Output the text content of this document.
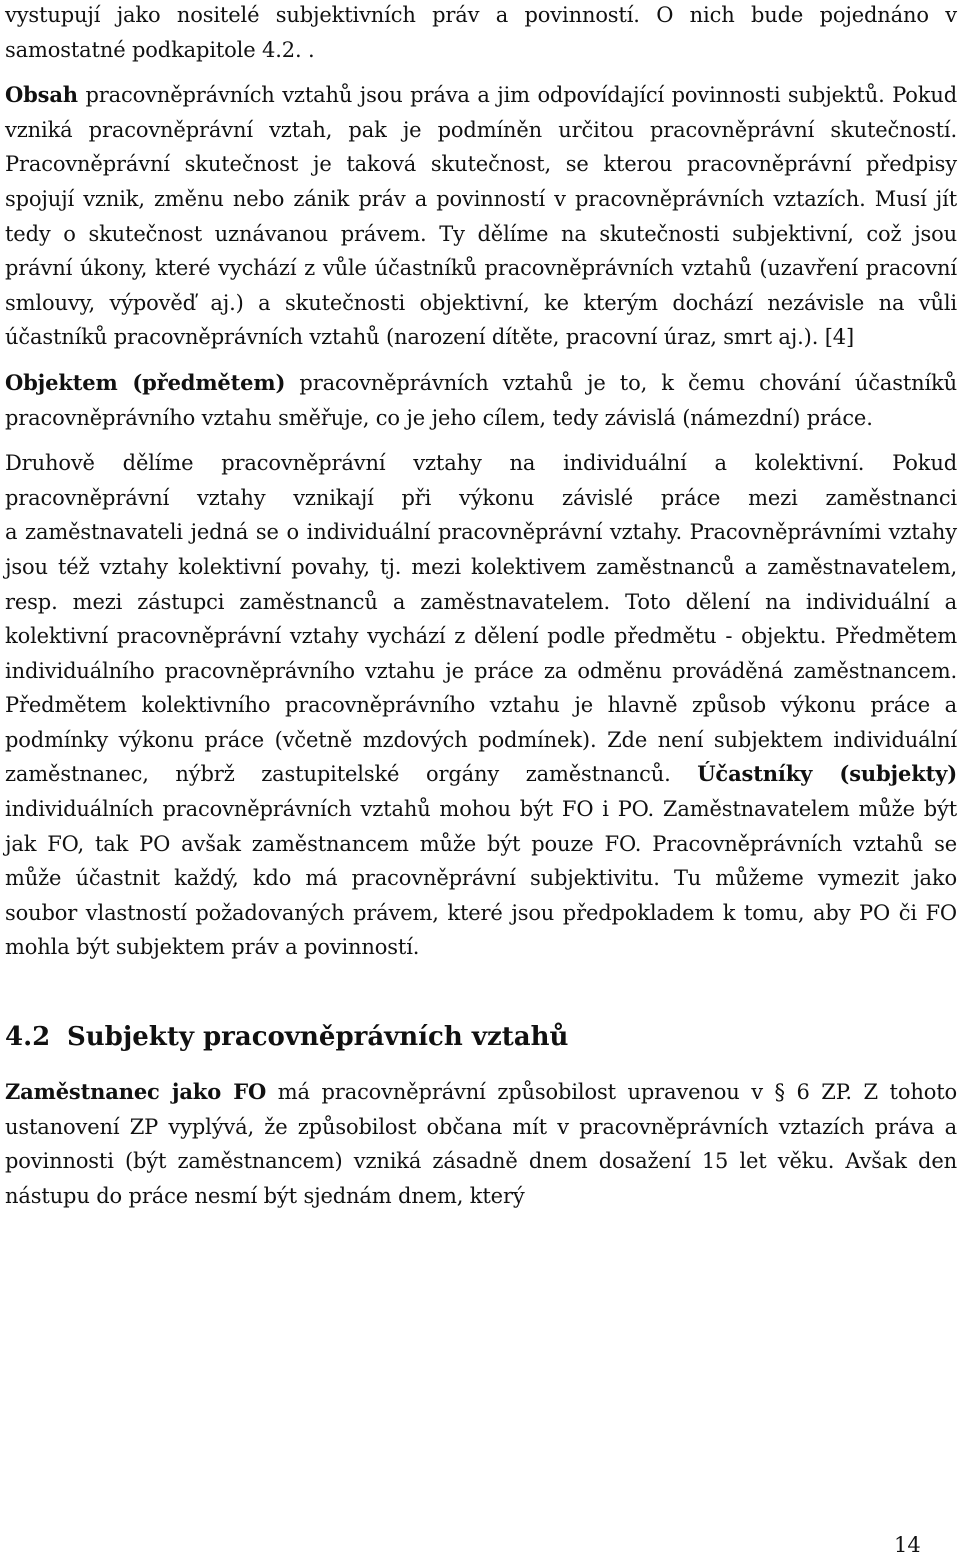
vystupují jako nositelé subjektivních práv a povinností. O nich bude pojednáno v samostatné podkapitole 4.2. .

Obsah pracovněprávních vztahů jsou práva a jim odpovídající povinnosti subjektů. Pokud vzniká pracovněprávní vztah, pak je podmíněn určitou pracovněprávní skutečností. Pracovněprávní skutečnost je taková skutečnost, se kterou pracovněprávní předpisy spojují vznik, změnu nebo zánik práv a povinností v pracovněprávních vztazích. Musí jít tedy o skutečnost uznávanou právem. Ty dělíme na skutečnosti subjektivní, což jsou právní úkony, které vychází z vůle účastníků pracovněprávních vztahů (uzavření pracovní smlouvy, výpověď aj.) a skutečnosti objektivní, ke kterým dochází nezávisle na vůli účastníků pracovněprávních vztahů (narození dítěte, pracovní úraz, smrt aj.). [4]

Objektem (předmětem) pracovněprávních vztahů je to, k čemu chování účastníků pracovněprávního vztahu směřuje, co je jeho cílem, tedy závislá (námezdní) práce.

Druhově dělíme pracovněprávní vztahy na individuální a kolektivní. Pokud pracovněprávní vztahy vznikají při výkonu závislé práce mezi zaměstnanci a zaměstnavateli jedná se o individuální pracovněprávní vztahy. Pracovněprávními vztahy jsou též vztahy kolektivní povahy, tj. mezi kolektivem zaměstnanců a zaměstnavatelem, resp. mezi zástupci zaměstnanců a zaměstnavatelem. Toto dělení na individuální a kolektivní pracovněprávní vztahy vychází z dělení podle předmětu - objektu. Předmětem individuálního pracovněprávního vztahu je práce za odměnu prováděná zaměstnancem. Předmětem kolektivního pracovněprávního vztahu je hlavně způsob výkonu práce a podmínky výkonu práce (včetně mzdových podmínek). Zde není subjektem individuální zaměstnanec, nýbrž zastupitelské orgány zaměstnanců. Účastníky (subjekty) individuálních pracovněprávních vztahů mohou být FO i PO. Zaměstnavatelem může být jak FO, tak PO avšak zaměstnancem může být pouze FO. Pracovněprávních vztahů se může účastnit každý, kdo má pracovněprávní subjektivitu. Tu můžeme vymezit jako soubor vlastností požadovaných právem, které jsou předpokladem k tomu, aby PO či FO mohla být subjektem práv a povinností.

4.2 Subjekty pracovněprávních vztahů

Zaměstnanec jako FO má pracovněprávní způsobilost upravenou v § 6 ZP. Z tohoto ustanovení ZP vyplývá, že způsobilost občana mít v pracovněprávních vztazích práva a povinnosti (být zaměstnancem) vzniká zásadně dnem dosažení 15 let věku. Avšak den nástupu do práce nesmí být sjednám dnem, který

14
